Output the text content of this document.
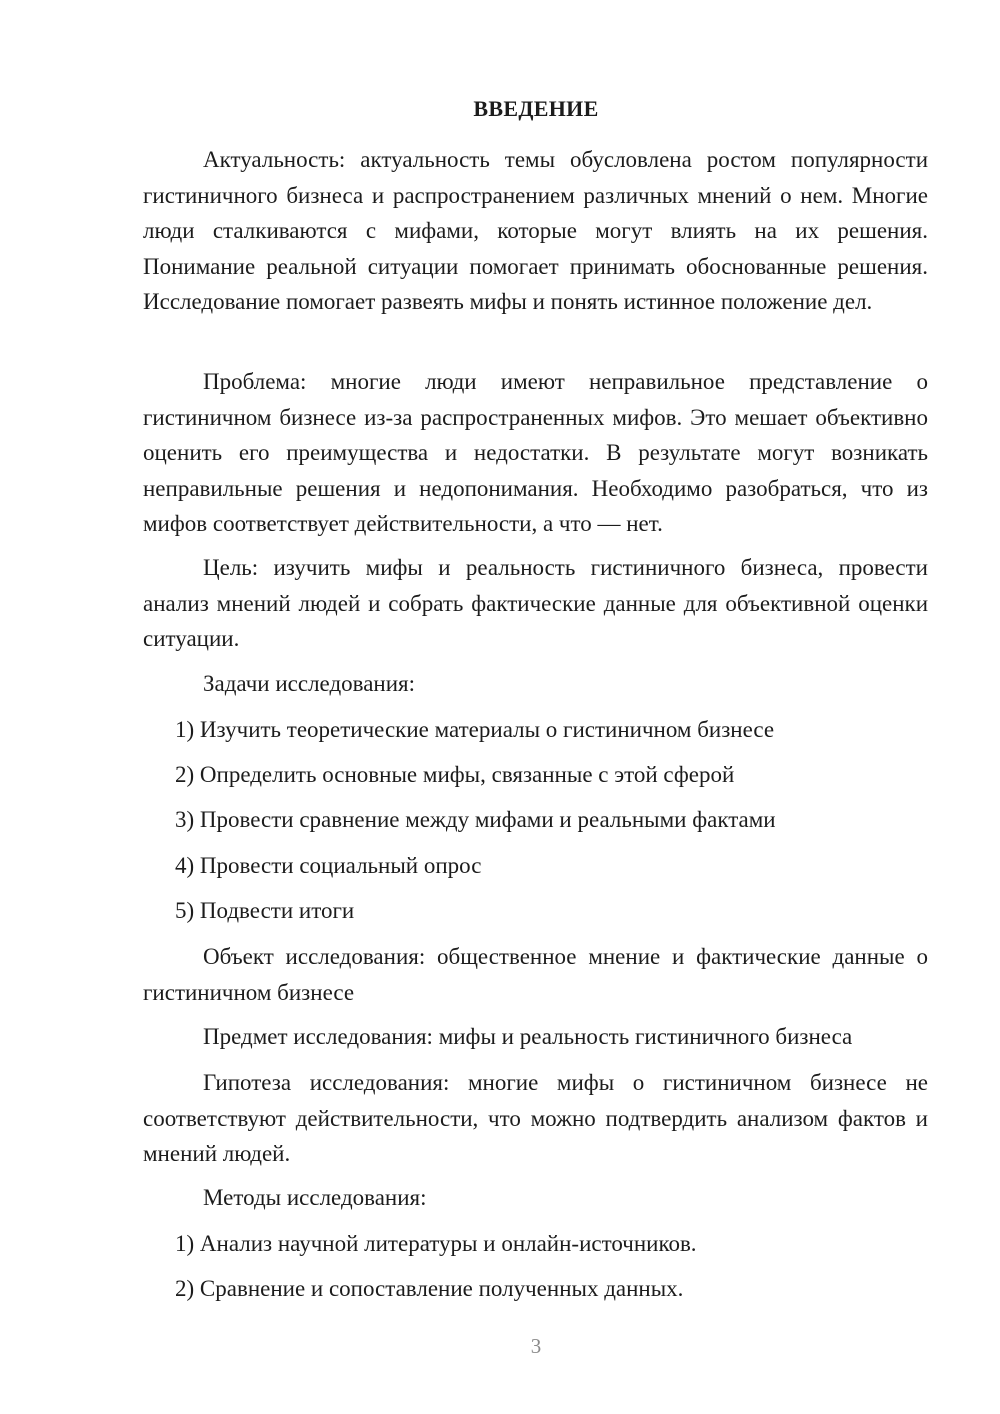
ВВЕДЕНИЕ

Актуальность: актуальность темы обусловлена ростом популярности гистиничного бизнеса и распространением различных мнений о нем. Многие люди сталкиваются с мифами, которые могут влиять на их решения. Понимание реальной ситуации помогает принимать обоснованные решения. Исследование помогает развеять мифы и понять истинное положение дел.

Проблема: многие люди имеют неправильное представление о гистиничном бизнесе из-за распространенных мифов. Это мешает объективно оценить его преимущества и недостатки. В результате могут возникать неправильные решения и недопонимания. Необходимо разобраться, что из мифов соответствует действительности, а что — нет.

Цель: изучить мифы и реальность гистиничного бизнеса, провести анализ мнений людей и собрать фактические данные для объективной оценки ситуации.

Задачи исследования:
1) Изучить теоретические материалы о гистиничном бизнесе
2) Определить основные мифы, связанные с этой сферой
3) Провести сравнение между мифами и реальными фактами
4) Провести социальный опрос
5) Подвести итоги

Объект исследования: общественное мнение и фактические данные о гистиничном бизнесе

Предмет исследования: мифы и реальность гистиничного бизнеса

Гипотеза исследования: многие мифы о гистиничном бизнесе не соответствуют действительности, что можно подтвердить анализом фактов и мнений людей.

Методы исследования:
1) Анализ научной литературы и онлайн-источников.
2) Сравнение и сопоставление полученных данных.
3
